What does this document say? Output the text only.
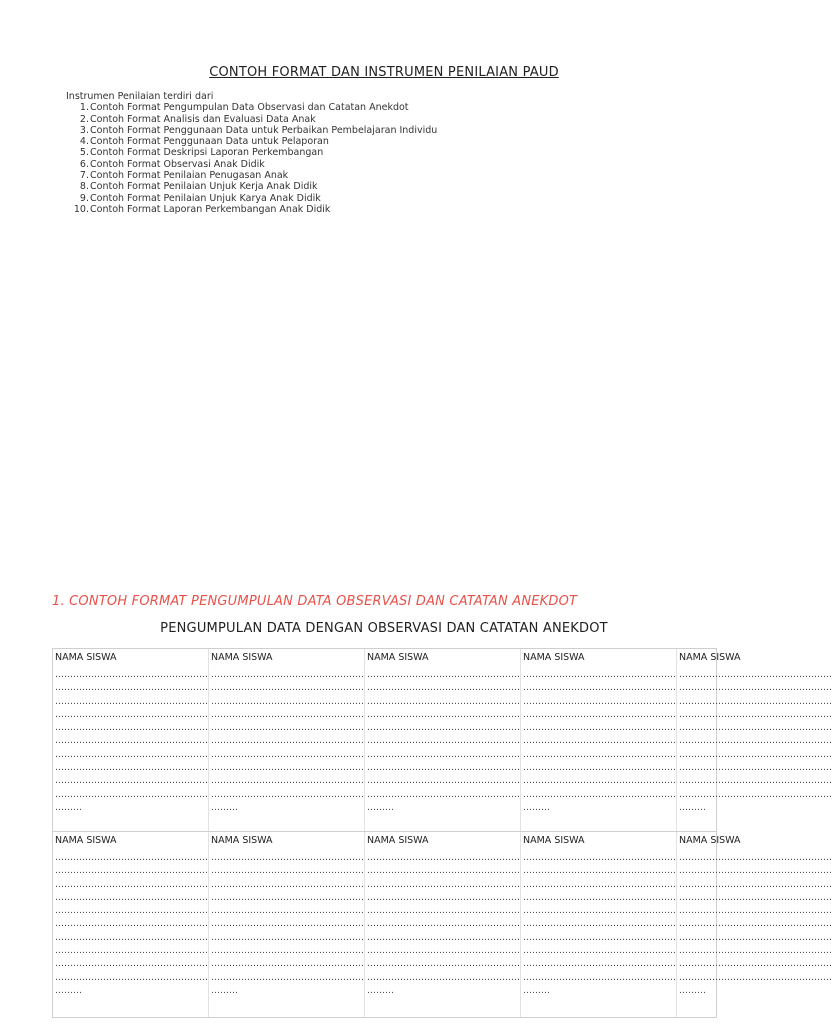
CONTOH FORMAT DAN INSTRUMEN PENILAIAN PAUD

Instrumen Penilaian terdiri dari

1. Contoh Format Pengumpulan Data Observasi dan Catatan Anekdot
2. Contoh Format Analisis dan Evaluasi Data Anak
3. Contoh Format Penggunaan Data untuk Perbaikan Pembelajaran Individu
4. Contoh Format Penggunaan Data untuk Pelaporan
5. Contoh Format Deskripsi Laporan Perkembangan
6. Contoh Format Observasi Anak Didik
7. Contoh Format Penilaian Penugasan Anak
8. Contoh Format Penilaian Unjuk Kerja Anak Didik
9. Contoh Format Penilaian Unjuk Karya Anak Didik
10. Contoh Format Laporan Perkembangan Anak Didik
1. CONTOH FORMAT PENGUMPULAN DATA OBSERVASI DAN CATATAN ANEKDOT
PENGUMPULAN DATA DENGAN OBSERVASI DAN CATATAN ANEKDOT
NAMA SISWA
……………………………………………
……………………………………………
……………………………………………
……………………………………………
……………………………………………
……………………………………………
……………………………………………
……………………………………………
……………………………………………
……………………………………………
………
NAMA SISWA
……………………………………………
……………………………………………
……………………………………………
……………………………………………
……………………………………………
……………………………………………
……………………………………………
……………………………………………
……………………………………………
……………………………………………
………
NAMA SISWA
……………………………………………
……………………………………………
……………………………………………
……………………………………………
……………………………………………
……………………………………………
……………………………………………
……………………………………………
……………………………………………
……………………………………………
………
NAMA SISWA
……………………………………………
……………………………………………
……………………………………………
……………………………………………
……………………………………………
……………………………………………
……………………………………………
……………………………………………
……………………………………………
……………………………………………
………
NAMA SISWA
……………………………………………
……………………………………………
……………………………………………
……………………………………………
……………………………………………
……………………………………………
……………………………………………
……………………………………………
……………………………………………
……………………………………………
………
NAMA SISWA
……………………………………………
……………………………………………
……………………………………………
……………………………………………
……………………………………………
……………………………………………
……………………………………………
……………………………………………
……………………………………………
……………………………………………
………
NAMA SISWA
……………………………………………
……………………………………………
……………………………………………
……………………………………………
……………………………………………
……………………………………………
……………………………………………
……………………………………………
……………………………………………
……………………………………………
………
NAMA SISWA
……………………………………………
……………………………………………
……………………………………………
……………………………………………
……………………………………………
……………………………………………
……………………………………………
……………………………………………
……………………………………………
……………………………………………
………
NAMA SISWA
……………………………………………
……………………………………………
……………………………………………
……………………………………………
……………………………………………
……………………………………………
……………………………………………
……………………………………………
……………………………………………
……………………………………………
………
NAMA SISWA
……………………………………………
……………………………………………
……………………………………………
……………………………………………
……………………………………………
……………………………………………
……………………………………………
……………………………………………
……………………………………………
……………………………………………
………
